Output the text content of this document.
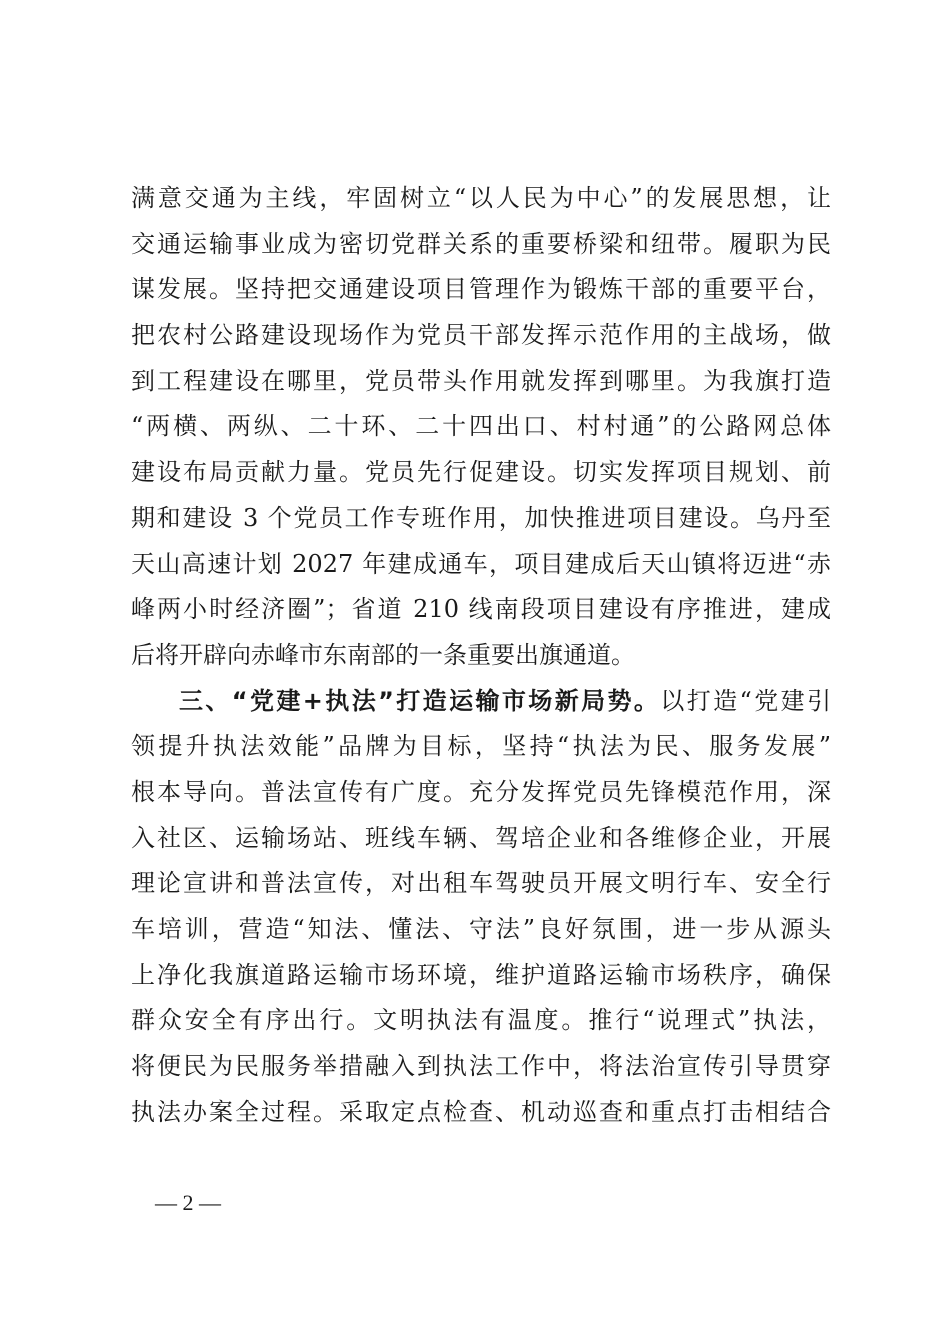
满意交通为主线，牢固树立“以人民为中心”的发展思想，让
交通运输事业成为密切党群关系的重要桥梁和纽带。履职为民
谋发展。坚持把交通建设项目管理作为锻炼干部的重要平台，
把农村公路建设现场作为党员干部发挥示范作用的主战场，做
到工程建设在哪里，党员带头作用就发挥到哪里。为我旗打造
“两横、两纵、二十环、二十四出口、村村通”的公路网总体
建设布局贡献力量。党员先行促建设。切实发挥项目规划、前
期和建设 3 个党员工作专班作用，加快推进项目建设。乌丹至
天山高速计划 2027 年建成通车，项目建成后天山镇将迈进“赤
峰两小时经济圈”；省道 210 线南段项目建设有序推进，建成
后将开辟向赤峰市东南部的一条重要出旗通道。
三、“党建+执法”打造运输市场新局势。以打造“党建引
领提升执法效能”品牌为目标，坚持“执法为民、服务发展”
根本导向。普法宣传有广度。充分发挥党员先锋模范作用，深
入社区、运输场站、班线车辆、驾培企业和各维修企业，开展
理论宣讲和普法宣传，对出租车驾驶员开展文明行车、安全行
车培训，营造“知法、懂法、守法”良好氛围，进一步从源头
上净化我旗道路运输市场环境，维护道路运输市场秩序，确保
群众安全有序出行。文明执法有温度。推行“说理式”执法，
将便民为民服务举措融入到执法工作中，将法治宣传引导贯穿
执法办案全过程。采取定点检查、机动巡查和重点打击相结合
— 2 —
